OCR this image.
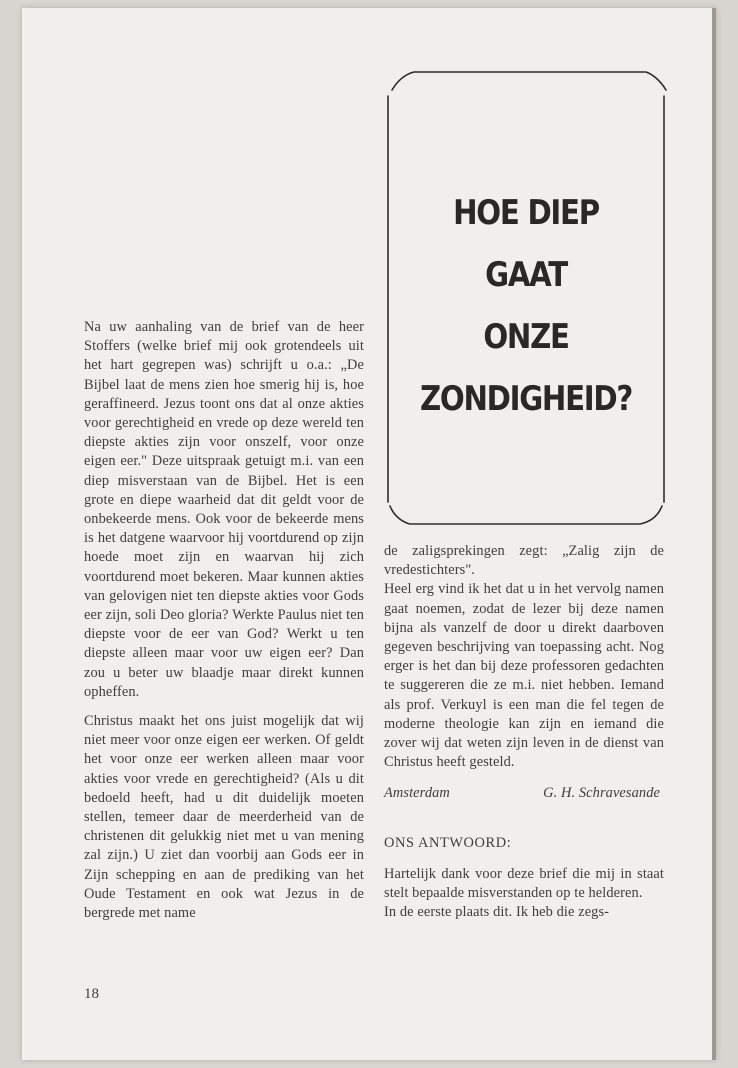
HOE DIEP
GAAT
ONZE
ZONDIGHEID?

Na uw aanhaling van de brief van de heer Stoffers (welke brief mij ook grotendeels uit het hart gegrepen was) schrijft u o.a.: „De Bijbel laat de mens zien hoe smerig hij is, hoe geraffineerd. Jezus toont ons dat al onze akties voor gerechtigheid en vrede op deze wereld ten diepste akties zijn voor onszelf, voor onze eigen eer." Deze uitspraak getuigt m.i. van een diep misverstaan van de Bijbel. Het is een grote en diepe waarheid dat dit geldt voor de onbekeerde mens. Ook voor de bekeerde mens is het datgene waarvoor hij voortdurend op zijn hoede moet zijn en waarvan hij zich voortdurend moet bekeren. Maar kunnen akties van gelovigen niet ten diepste akties voor Gods eer zijn, soli Deo gloria? Werkte Paulus niet ten diepste voor de eer van God? Werkt u ten diepste alleen maar voor uw eigen eer? Dan zou u beter uw blaadje maar direkt kunnen opheffen.

Christus maakt het ons juist mogelijk dat wij niet meer voor onze eigen eer werken. Of geldt het voor onze eer werken alleen maar voor akties voor vrede en gerechtigheid? (Als u dit bedoeld heeft, had u dit duidelijk moeten stellen, temeer daar de meerderheid van de christenen dit gelukkig niet met u van mening zal zijn.) U ziet dan voorbij aan Gods eer in Zijn schepping en aan de prediking van het Oude Testament en ook wat Jezus in de bergrede met name

18

de zaligsprekingen zegt: „Zalig zijn de vredestichters".

Heel erg vind ik het dat u in het vervolg namen gaat noemen, zodat de lezer bij deze namen bijna als vanzelf de door u direkt daarboven gegeven beschrijving van toepassing acht. Nog erger is het dan bij deze professoren gedachten te suggereren die ze m.i. niet hebben. Iemand als prof. Verkuyl is een man die fel tegen de moderne theologie kan zijn en iemand die zover wij dat weten zijn leven in de dienst van Christus heeft gesteld.

Amsterdam	G. H. Schravesande
ONS ANTWOORD:

Hartelijk dank voor deze brief die mij in staat stelt bepaalde misverstanden op te helderen.

In de eerste plaats dit. Ik heb die zegs-
